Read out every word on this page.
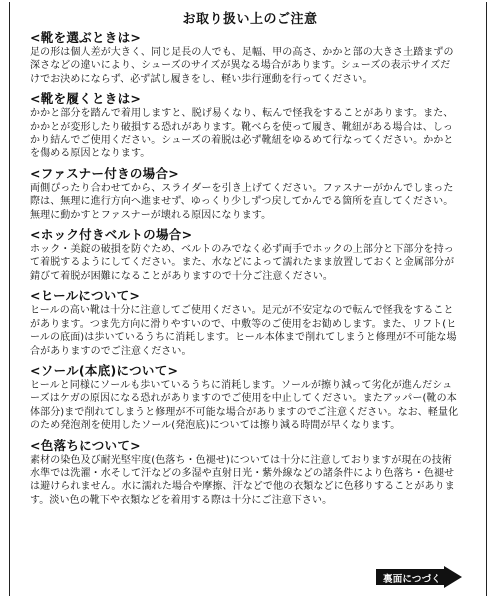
お取り扱い上のご注意
<靴を選ぶときは>

足の形は個人差が大きく、同じ足長の人でも、足幅、甲の高さ、かかと部の大きさ土踏まずの深さなどの違いにより、シューズのサイズが異なる場合があります。シューズの表示サイズだけでお決めにならず、必ず試し履きをし、軽い歩行運動を行ってください。

<靴を履くときは>

かかと部分を踏んで着用しますと、脱げ易くなり、転んで怪我をすることがあります。また、かかとが変形したり破損する恐れがあります。靴べらを使って履き、靴紐がある場合は、しっかり結んでご使用ください。シューズの着脱は必ず靴紐をゆるめて行なってください。かかとを傷める原因となります。

<ファスナー付きの場合>

両側ぴったり合わせてから、スライダーを引き上げてください。ファスナーがかんでしまった際は、無理に進行方向へ進ませず、ゆっくり少しずつ戻してかんでる箇所を直してください。無理に動かすとファスナーが壊れる原因になります。

<ホック付きベルトの場合>

ホック・美錠の破損を防ぐため、ベルトのみでなく必ず両手でホックの上部分と下部分を持って着脱するようにしてください。また、水などによって濡れたまま放置しておくと金属部分が錆びて着脱が困難になることがありますので十分ご注意ください。

<ヒールについて>

ヒールの高い靴は十分に注意してご使用ください。足元が不安定なので転んで怪我をすることがあります。つま先方向に滑りやすいので、中敷等のご使用をお勧めします。また、リフト(ヒールの底面)は歩いているうちに消耗します。ヒール本体まで削れてしまうと修理が不可能な場合がありますのでご注意ください。

<ソール(本底)について>

ヒールと同様にソールも歩いているうちに消耗します。ソールが擦り減って劣化が進んだシューズはケガの原因になる恐れがありますのでご使用を中止してください。またアッパー(靴の本体部分)まで削れてしまうと修理が不可能な場合がありますのでご注意ください。なお、軽量化のため発泡剤を使用したソール(発泡底)については擦り減る時間が早くなります。

<色落ちについて>

素材の染色及び耐光堅牢度(色落ち・色褪せ)については十分に注意しておりますが現在の技術水準では洗濯・水そして汗などの多湿や直射日光・紫外線などの諸条件により色落ち・色褪せは避けられません。水に濡れた場合や摩擦、汗などで他の衣類などに色移りすることがあります。淡い色の靴下や衣類などを着用する際は十分にご注意下さい。

裏面につづく
